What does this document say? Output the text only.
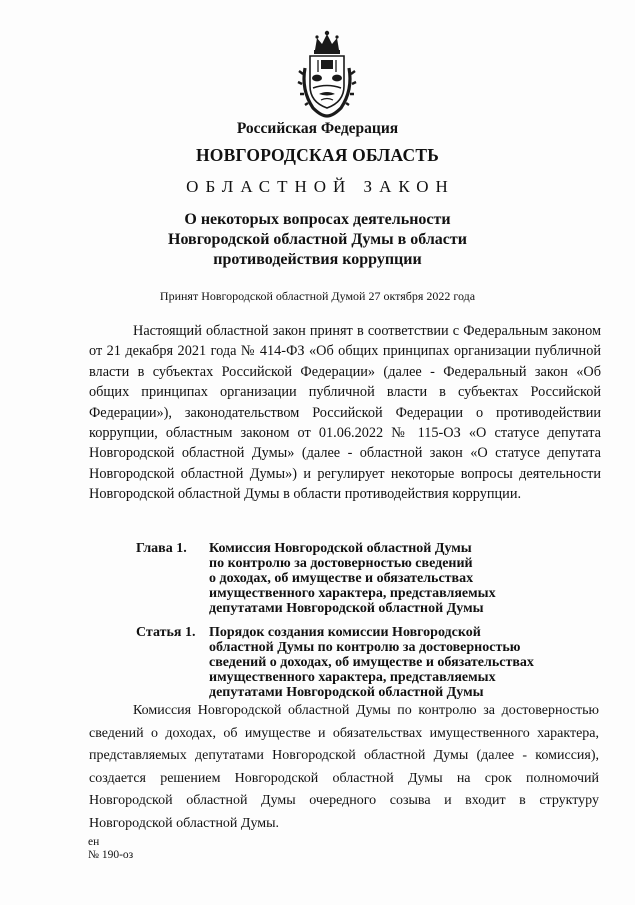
Российская Федерация

НОВГОРОДСКАЯ ОБЛАСТЬ

ОБЛАСТНОЙ ЗАКОН

О некоторых вопросах деятельности
Новгородской областной Думы в области
противодействия коррупции

Принят Новгородской областной Думой 27 октября 2022 года

Настоящий областной закон принят в соответствии с Федеральным законом от 21 декабря 2021 года № 414-ФЗ «Об общих принципах организации публичной власти в субъектах Российской Федерации» (далее - Федеральный закон «Об общих принципах организации публичной власти в субъектах Российской Федерации»), законодательством Российской Федерации о противодействии коррупции, областным законом от 01.06.2022 № 115-ОЗ «О статусе депутата Новгородской областной Думы» (далее - областной закон «О статусе депутата Новгородской областной Думы») и регулирует некоторые вопросы деятельности Новгородской областной Думы в области противодействия коррупции.

Глава 1.	Комиссия Новгородской областной Думы
по контролю за достоверностью сведений
о доходах, об имуществе и обязательствах
имущественного характера, представляемых
депутатами Новгородской областной Думы
Статья 1. Порядок создания комиссии Новгородской
областной Думы по контролю за достоверностью
сведений о доходах, об имуществе и обязательствах
имущественного характера, представляемых
депутатами Новгородской областной Думы

Комиссия Новгородской областной Думы по контролю за достоверностью сведений о доходах, об имуществе и обязательствах имущественного характера, представляемых депутатами Новгородской областной Думы (далее - комиссия), создается решением Новгородской областной Думы на срок полномочий Новгородской областной Думы очередного созыва и входит в структуру Новгородской областной Думы.

ен
№ 190-оз
